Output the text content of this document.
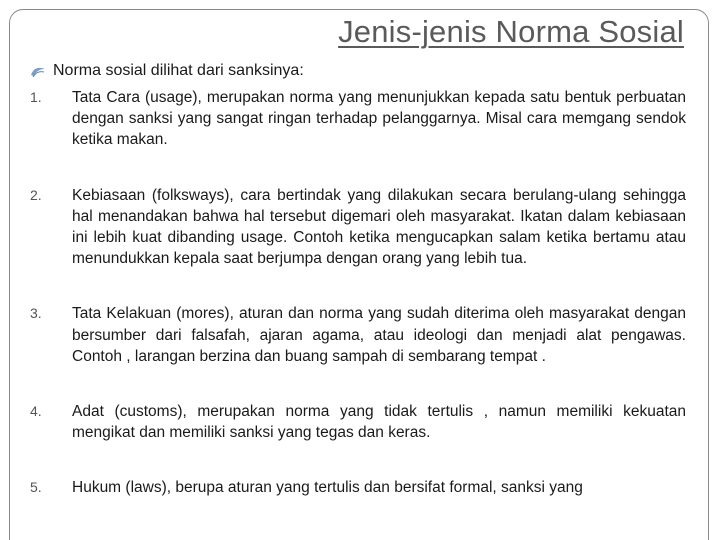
Jenis-jenis Norma Sosial
Norma sosial dilihat dari sanksinya:
1. Tata Cara (usage), merupakan norma yang menunjukkan kepada satu bentuk perbuatan dengan sanksi yang sangat ringan terhadap pelanggarnya. Misal cara memgang sendok ketika makan.
2. Kebiasaan (folksways), cara bertindak yang dilakukan secara berulang-ulang sehingga hal menandakan bahwa hal tersebut digemari oleh masyarakat. Ikatan dalam kebiasaan ini lebih kuat dibanding usage. Contoh ketika mengucapkan salam ketika bertamu atau menundukkan kepala saat berjumpa dengan orang yang lebih tua.
3. Tata Kelakuan (mores), aturan dan norma yang sudah diterima oleh masyarakat dengan bersumber dari falsafah, ajaran agama, atau ideologi dan menjadi alat pengawas. Contoh , larangan berzina dan buang sampah di sembarang tempat .
4. Adat (customs), merupakan norma yang tidak tertulis , namun memiliki kekuatan mengikat dan memiliki sanksi yang tegas dan keras.
5. Hukum (laws), berupa aturan yang tertulis dan bersifat formal, sanksi yang
